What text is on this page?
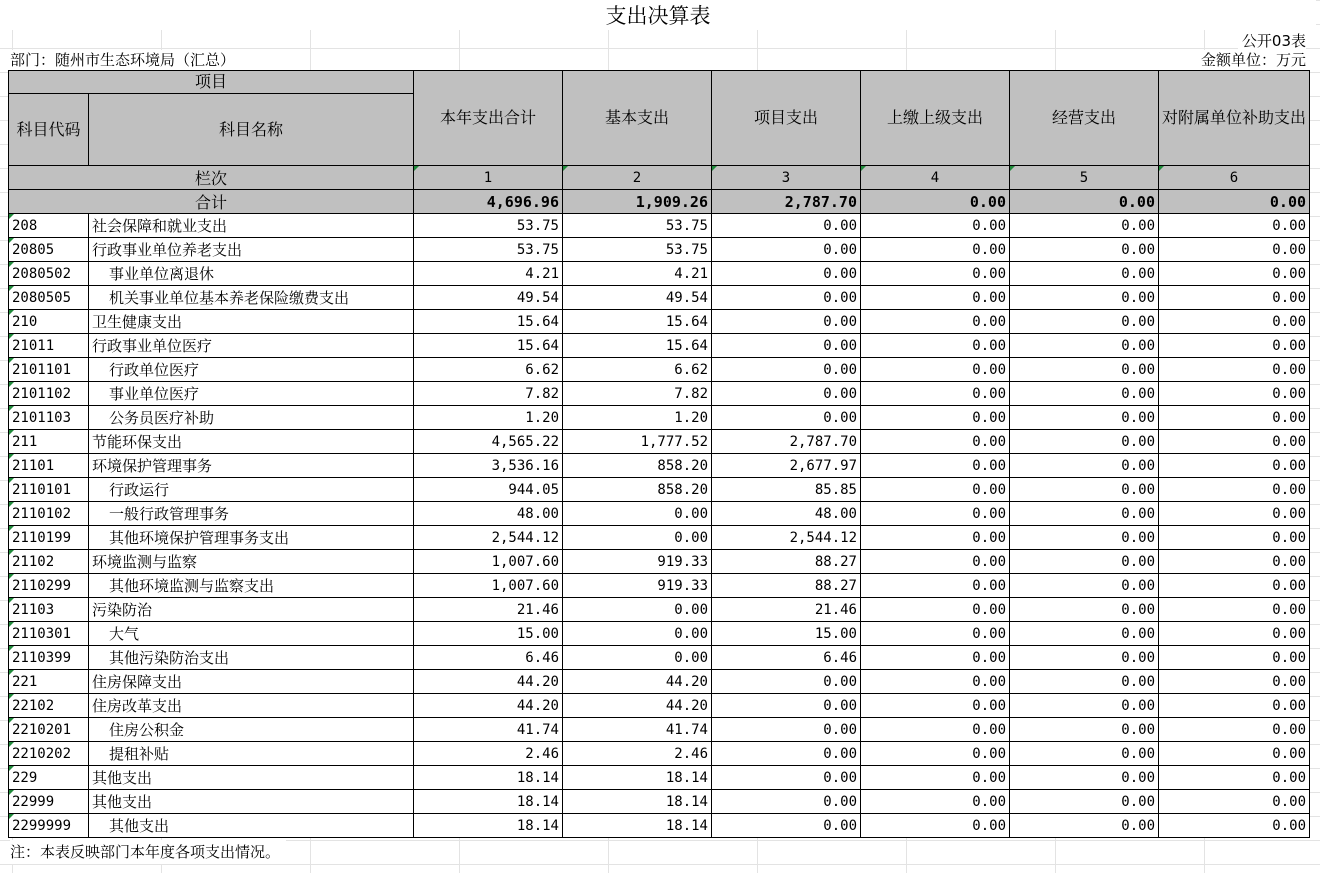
支出决算表
公开03表
部门：随州市生态环境局（汇总）	金额单位：万元
项目		本年支出合计	基本支出	项目支出	上缴上级支出	经营支出	对附属单位补助支出
科目代码	科目名称						
栏次		1	2	3	4	5	6
合计		4,696.96	1,909.26	2,787.70	0.00	0.00	0.00
208	社会保障和就业支出	53.75	53.75	0.00	0.00	0.00	0.00
20805	行政事业单位养老支出	53.75	53.75	0.00	0.00	0.00	0.00
2080502	事业单位离退休	4.21	4.21	0.00	0.00	0.00	0.00
2080505	机关事业单位基本养老保险缴费支出	49.54	49.54	0.00	0.00	0.00	0.00
210	卫生健康支出	15.64	15.64	0.00	0.00	0.00	0.00
21011	行政事业单位医疗	15.64	15.64	0.00	0.00	0.00	0.00
2101101	行政单位医疗	6.62	6.62	0.00	0.00	0.00	0.00
2101102	事业单位医疗	7.82	7.82	0.00	0.00	0.00	0.00
2101103	公务员医疗补助	1.20	1.20	0.00	0.00	0.00	0.00
211	节能环保支出	4,565.22	1,777.52	2,787.70	0.00	0.00	0.00
21101	环境保护管理事务	3,536.16	858.20	2,677.97	0.00	0.00	0.00
2110101	行政运行	944.05	858.20	85.85	0.00	0.00	0.00
2110102	一般行政管理事务	48.00	0.00	48.00	0.00	0.00	0.00
2110199	其他环境保护管理事务支出	2,544.12	0.00	2,544.12	0.00	0.00	0.00
21102	环境监测与监察	1,007.60	919.33	88.27	0.00	0.00	0.00
2110299	其他环境监测与监察支出	1,007.60	919.33	88.27	0.00	0.00	0.00
21103	污染防治	21.46	0.00	21.46	0.00	0.00	0.00
2110301	大气	15.00	0.00	15.00	0.00	0.00	0.00
2110399	其他污染防治支出	6.46	0.00	6.46	0.00	0.00	0.00
221	住房保障支出	44.20	44.20	0.00	0.00	0.00	0.00
22102	住房改革支出	44.20	44.20	0.00	0.00	0.00	0.00
2210201	住房公积金	41.74	41.74	0.00	0.00	0.00	0.00
2210202	提租补贴	2.46	2.46	0.00	0.00	0.00	0.00
229	其他支出	18.14	18.14	0.00	0.00	0.00	0.00
22999	其他支出	18.14	18.14	0.00	0.00	0.00	0.00
2299999	其他支出	18.14	18.14	0.00	0.00	0.00	0.00
注：本表反映部门本年度各项支出情况。
